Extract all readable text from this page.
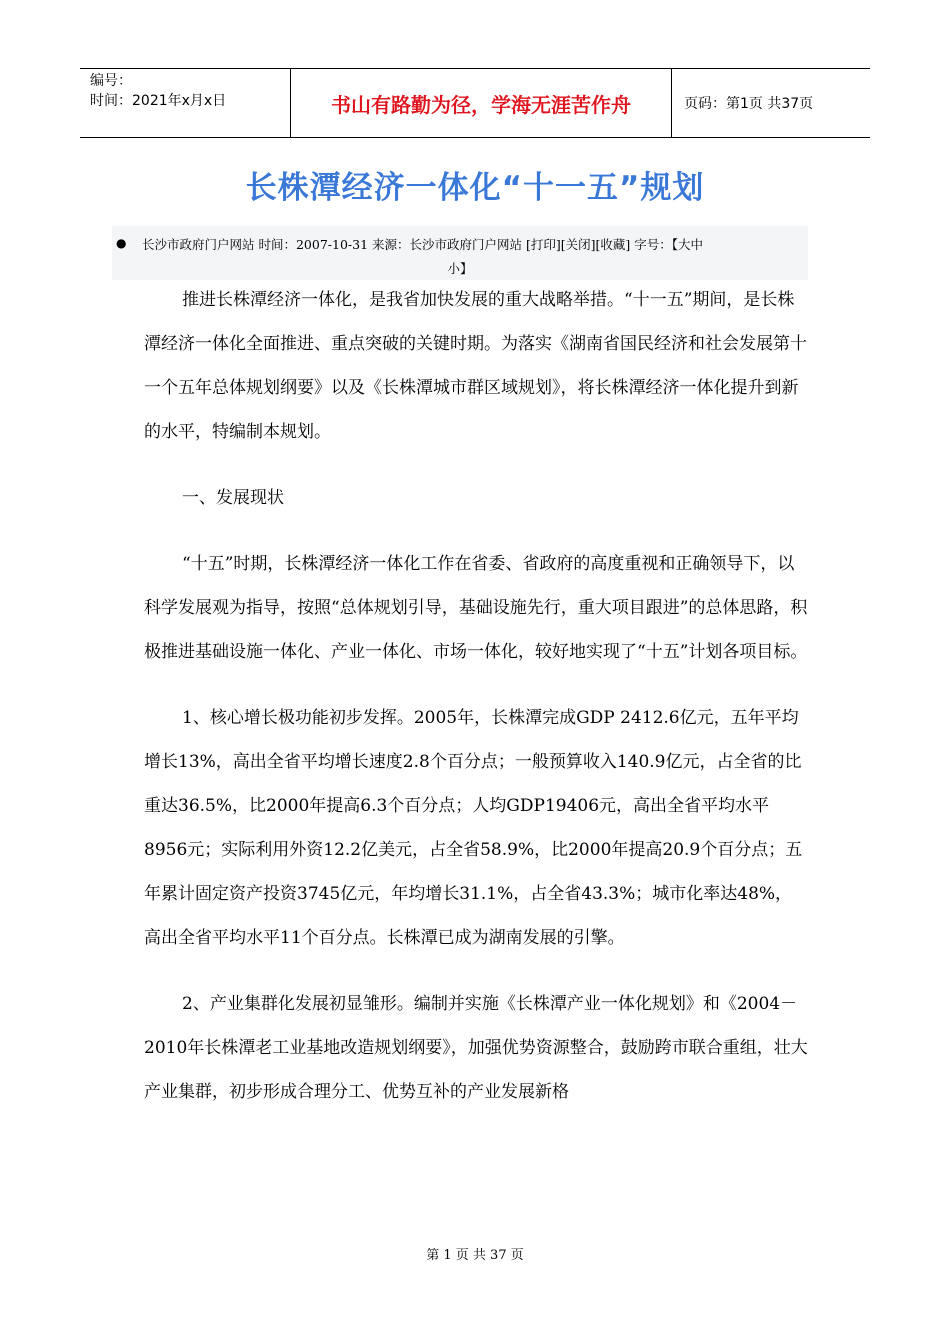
编号：
时间：2021年x月x日	书山有路勤为径，学海无涯苦作舟	页码：第1页 共37页
长株潭经济一体化“十一五”规划
● 长沙市政府门户网站 时间：2007-10-31 来源：长沙市政府门户网站 [打印][关闭][收藏] 字号：【大中
小】

推进长株潭经济一体化，是我省加快发展的重大战略举措。“十一五”期间，是长株潭经济一体化全面推进、重点突破的关键时期。为落实《湖南省国民经济和社会发展第十一个五年总体规划纲要》以及《长株潭城市群区域规划》，将长株潭经济一体化提升到新的水平，特编制本规划。

一、发展现状

“十五”时期，长株潭经济一体化工作在省委、省政府的高度重视和正确领导下，以科学发展观为指导，按照“总体规划引导，基础设施先行，重大项目跟进”的总体思路，积极推进基础设施一体化、产业一体化、市场一体化，较好地实现了“十五”计划各项目标。

1、核心增长极功能初步发挥。2005年，长株潭完成GDP 2412.6亿元，五年平均增长13%，高出全省平均增长速度2.8个百分点；一般预算收入140.9亿元，占全省的比重达36.5%，比2000年提高6.3个百分点；人均GDP19406元，高出全省平均水平8956元；实际利用外资12.2亿美元，占全省58.9%，比2000年提高20.9个百分点；五年累计固定资产投资3745亿元，年均增长31.1%，占全省43.3%；城市化率达48%，高出全省平均水平11个百分点。长株潭已成为湖南发展的引擎。

2、产业集群化发展初显雏形。编制并实施《长株潭产业一体化规划》和《2004－2010年长株潭老工业基地改造规划纲要》，加强优势资源整合，鼓励跨市联合重组，壮大产业集群，初步形成合理分工、优势互补的产业发展新格

第 1 页 共 37 页
